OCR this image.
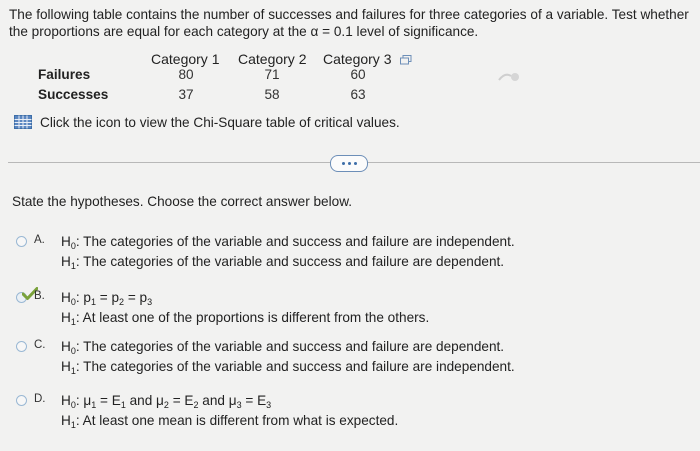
The following table contains the number of successes and failures for three categories of a variable. Test whether the proportions are equal for each category at the α = 0.1 level of significance.
Category 1 Category 2 Category 3
Failures	80	71	60
Successes	37	58	63
Click the icon to view the Chi-Square table of critical values.
State the hypotheses. Choose the correct answer below.
A. $H_0$: The categories of the variable and success and failure are independent.
$H_1$: The categories of the variable and success and failure are dependent.
B. $H_0$: $p_1 = p_2 = p_3$
$H_1$: At least one of the proportions is different from the others.
C. $H_0$: The categories of the variable and success and failure are dependent.
$H_1$: The categories of the variable and success and failure are independent.
D. $H_0$: $\mu_1 = E_1$ and $\mu_2 = E_2$ and $\mu_3 = E_3$
$H_1$: At least one mean is different from what is expected.
